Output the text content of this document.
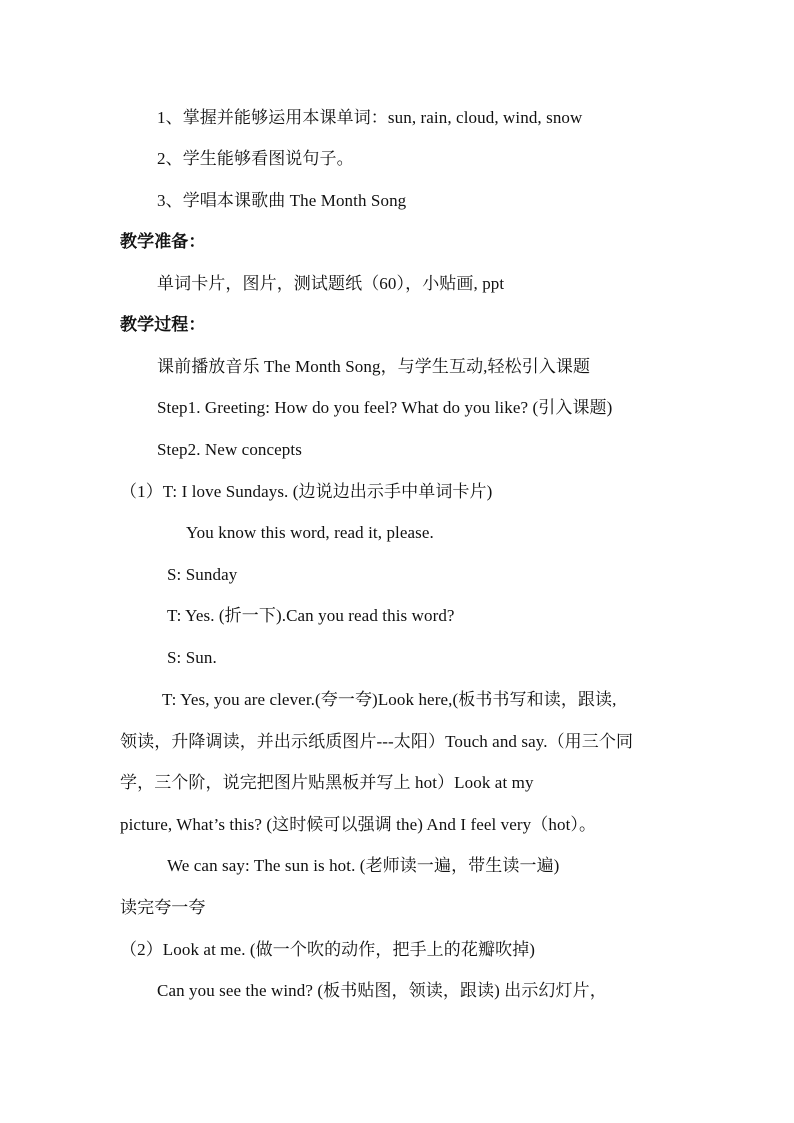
1、掌握并能够运用本课单词：sun, rain, cloud, wind, snow
2、学生能够看图说句子。
3、学唱本课歌曲 The Month Song
教学准备：
单词卡片，图片，测试题纸（60），小贴画, ppt
教学过程：
课前播放音乐 The Month Song，与学生互动,轻松引入课题
Step1. Greeting: How do you feel? What do you like? (引入课题)
Step2. New concepts
（1）T: I love Sundays. (边说边出示手中单词卡片)
You know this word, read it, please.
S: Sunday
T: Yes. (折一下).Can you read this word?
S: Sun.
T: Yes, you are clever.(夸一夸)Look here,(板书书写和读，跟读,
领读，升降调读，并出示纸质图片---太阳）Touch and say.（用三个同
学，三个阶，说完把图片贴黑板并写上 hot）Look at my
picture, What’s this? (这时候可以强调 the) And I feel very（hot）。
We can say: The sun is hot. (老师读一遍，带生读一遍)
读完夸一夸
（2）Look at me. (做一个吹的动作，把手上的花瓣吹掉)
Can you see the wind? (板书贴图，领读，跟读) 出示幻灯片，
